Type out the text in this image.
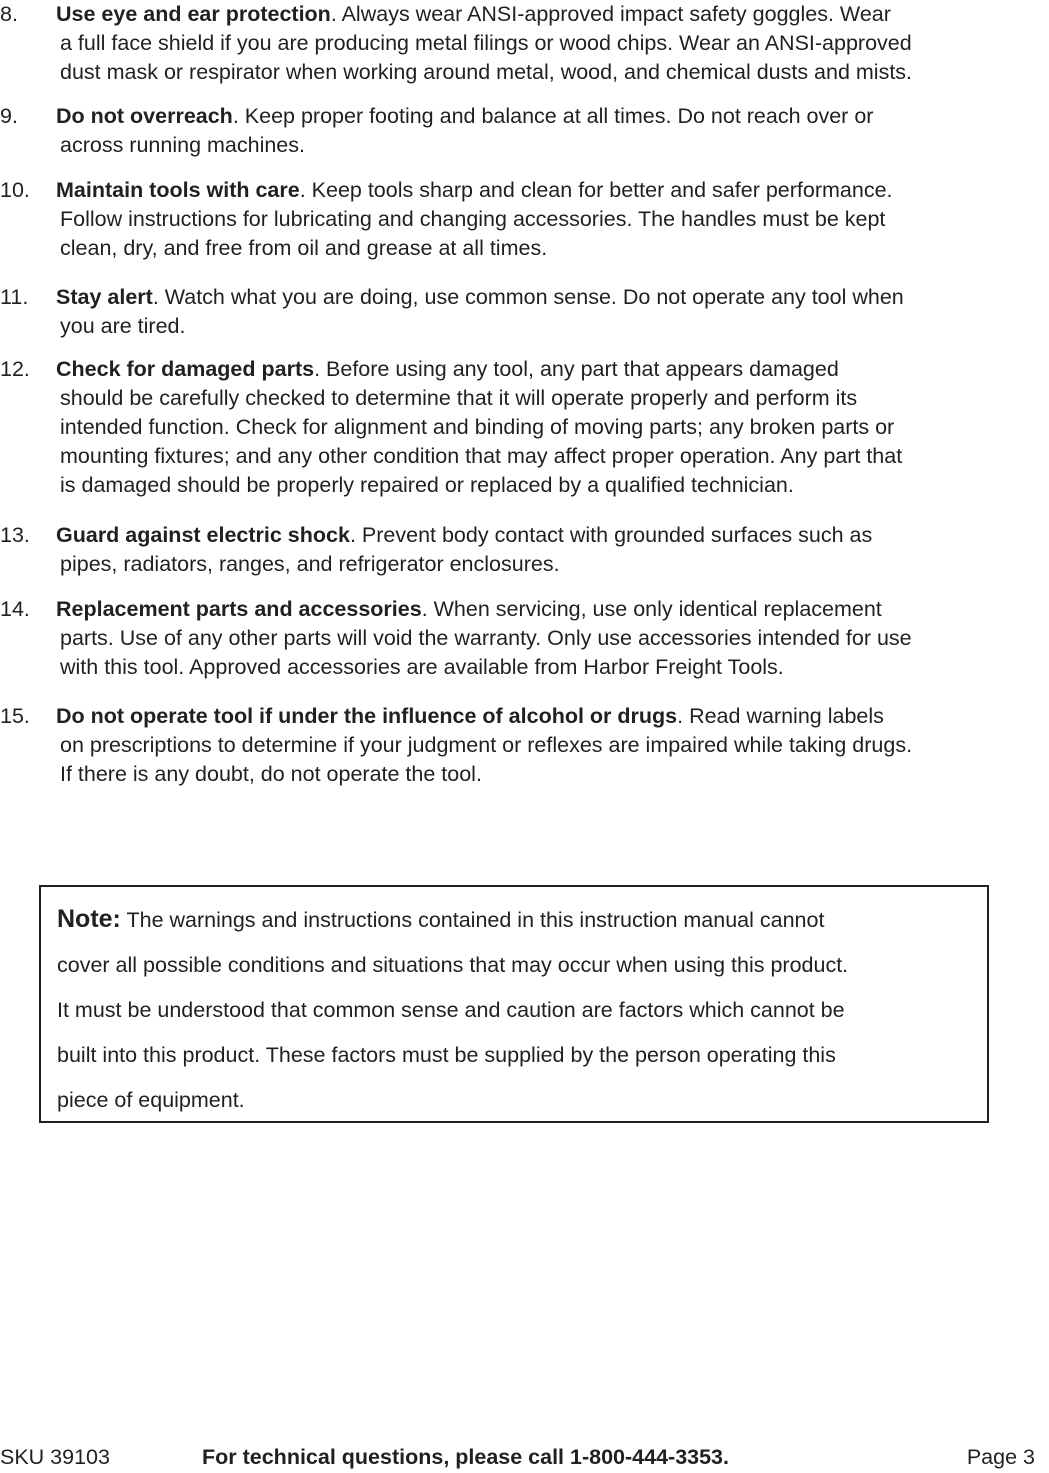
8. Use eye and ear protection. Always wear ANSI-approved impact safety goggles. Wear
a full face shield if you are producing metal filings or wood chips. Wear an ANSI-approved
dust mask or respirator when working around metal, wood, and chemical dusts and mists.
9. Do not overreach. Keep proper footing and balance at all times. Do not reach over or
across running machines.
10. Maintain tools with care. Keep tools sharp and clean for better and safer performance.
Follow instructions for lubricating and changing accessories. The handles must be kept
clean, dry, and free from oil and grease at all times.
11. Stay alert. Watch what you are doing, use common sense. Do not operate any tool when
you are tired.
12. Check for damaged parts. Before using any tool, any part that appears damaged
should be carefully checked to determine that it will operate properly and perform its
intended function. Check for alignment and binding of moving parts; any broken parts or
mounting fixtures; and any other condition that may affect proper operation. Any part that
is damaged should be properly repaired or replaced by a qualified technician.
13. Guard against electric shock. Prevent body contact with grounded surfaces such as
pipes, radiators, ranges, and refrigerator enclosures.
14. Replacement parts and accessories. When servicing, use only identical replacement
parts. Use of any other parts will void the warranty. Only use accessories intended for use
with this tool. Approved accessories are available from Harbor Freight Tools.
15. Do not operate tool if under the influence of alcohol or drugs. Read warning labels
on prescriptions to determine if your judgment or reflexes are impaired while taking drugs.
If there is any doubt, do not operate the tool.
Note: The warnings and instructions contained in this instruction manual cannot
cover all possible conditions and situations that may occur when using this product.
It must be understood that common sense and caution are factors which cannot be
built into this product. These factors must be supplied by the person operating this
piece of equipment.
SKU 39103	For technical questions, please call 1-800-444-3353.	Page 3
